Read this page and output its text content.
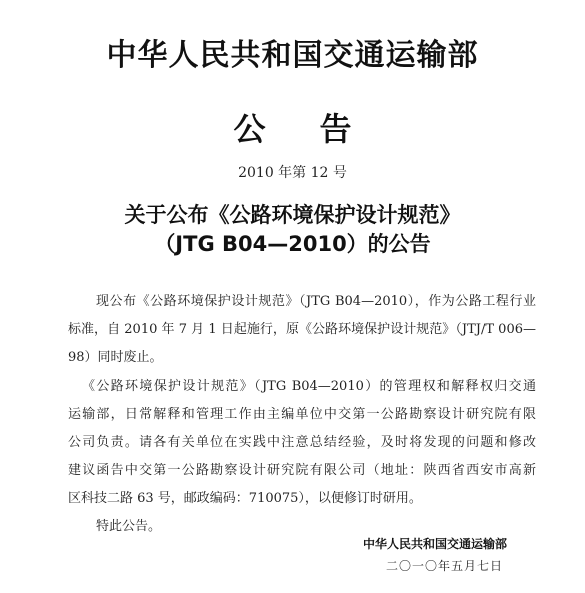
中华人民共和国交通运输部
公 告
2010 年第 12 号
关于公布《公路环境保护设计规范》
（JTG B04—2010）的公告
现公布《公路环境保护设计规范》（JTG B04—2010），作为公路工程行业
标准，自 2010 年 7 月 1 日起施行，原《公路环境保护设计规范》（JTJ/T 006—
98）同时废止。
《公路环境保护设计规范》（JTG B04—2010）的管理权和解释权归交通
运输部，日常解释和管理工作由主编单位中交第一公路勘察设计研究院有限
公司负责。请各有关单位在实践中注意总结经验，及时将发现的问题和修改
建议函告中交第一公路勘察设计研究院有限公司（地址：陕西省西安市高新
区科技二路 63 号，邮政编码：710075），以便修订时研用。
特此公告。
中华人民共和国交通运输部
二〇一〇年五月七日
